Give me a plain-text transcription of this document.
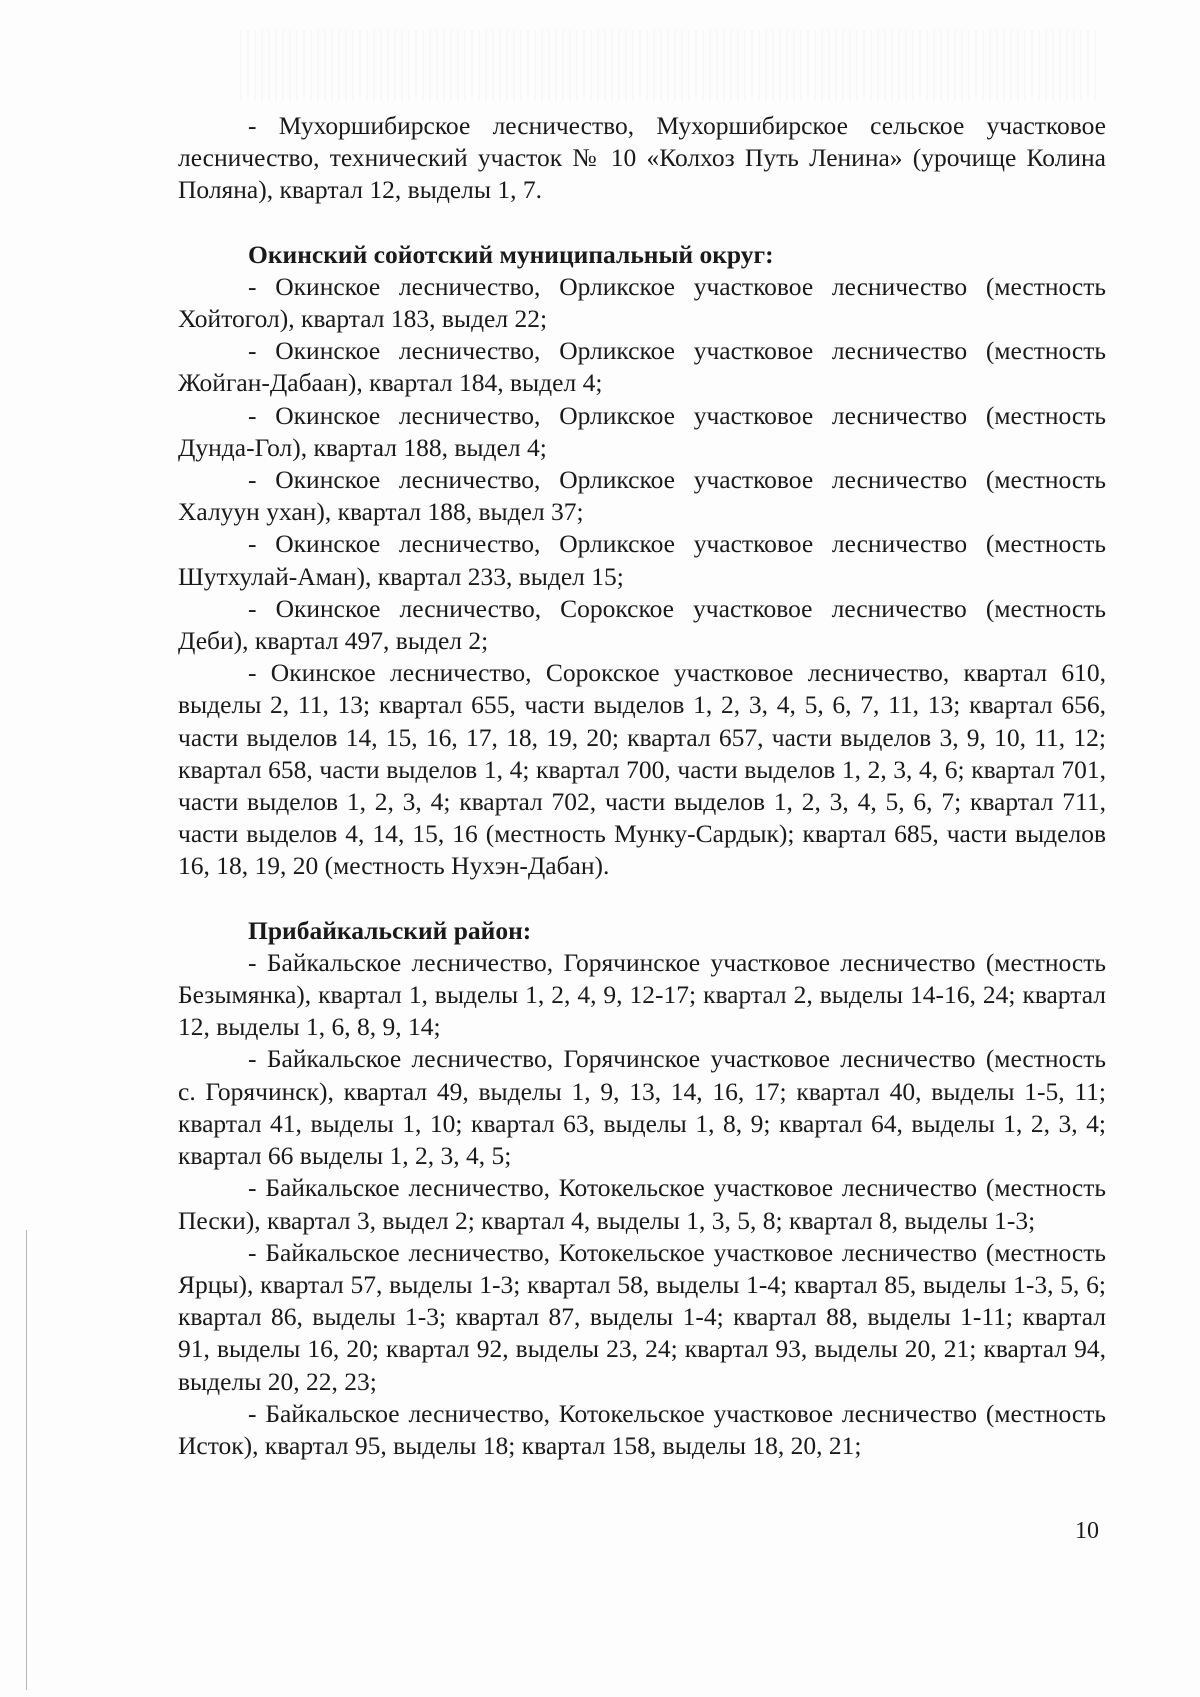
- Мухоршибирское лесничество, Мухоршибирское сельское участковое лесничество, технический участок № 10 «Колхоз Путь Ленина» (урочище Колина Поляна), квартал 12, выделы 1, 7.

Окинский сойотский муниципальный округ:

- Окинское лесничество, Орликское участковое лесничество (местность Хойтогол), квартал 183, выдел 22;

- Окинское лесничество, Орликское участковое лесничество (местность Жойган-Дабаан), квартал 184, выдел 4;

- Окинское лесничество, Орликское участковое лесничество (местность Дунда-Гол), квартал 188, выдел 4;

- Окинское лесничество, Орликское участковое лесничество (местность Халуун ухан), квартал 188, выдел 37;

- Окинское лесничество, Орликское участковое лесничество (местность Шутхулай-Аман), квартал 233, выдел 15;

- Окинское лесничество, Сорокское участковое лесничество (местность Деби), квартал 497, выдел 2;

- Окинское лесничество, Сорокское участковое лесничество, квартал 610, выделы 2, 11, 13; квартал 655, части выделов 1, 2, 3, 4, 5, 6, 7, 11, 13; квартал 656, части выделов 14, 15, 16, 17, 18, 19, 20; квартал 657, части выделов 3, 9, 10, 11, 12; квартал 658, части выделов 1, 4; квартал 700, части выделов 1, 2, 3, 4, 6; квартал 701, части выделов 1, 2, 3, 4; квартал 702, части выделов 1, 2, 3, 4, 5, 6, 7; квартал 711, части выделов 4, 14, 15, 16 (местность Мунку-Сардык); квартал 685, части выделов 16, 18, 19, 20 (местность Нухэн-Дабан).

Прибайкальский район:

- Байкальское лесничество, Горячинское участковое лесничество (местность Безымянка), квартал 1, выделы 1, 2, 4, 9, 12-17; квартал 2, выделы 14-16, 24; квартал 12, выделы 1, 6, 8, 9, 14;

- Байкальское лесничество, Горячинское участковое лесничество (местность с. Горячинск), квартал 49, выделы 1, 9, 13, 14, 16, 17; квартал 40, выделы 1-5, 11; квартал 41, выделы 1, 10; квартал 63, выделы 1, 8, 9; квартал 64, выделы 1, 2, 3, 4; квартал 66 выделы 1, 2, 3, 4, 5;

- Байкальское лесничество, Котокельское участковое лесничество (местность Пески), квартал 3, выдел 2; квартал 4, выделы 1, 3, 5, 8; квартал 8, выделы 1-3;

- Байкальское лесничество, Котокельское участковое лесничество (местность Ярцы), квартал 57, выделы 1-3; квартал 58, выделы 1-4; квартал 85, выделы 1-3, 5, 6; квартал 86, выделы 1-3; квартал 87, выделы 1-4; квартал 88, выделы 1-11; квартал 91, выделы 16, 20; квартал 92, выделы 23, 24; квартал 93, выделы 20, 21; квартал 94, выделы 20, 22, 23;

- Байкальское лесничество, Котокельское участковое лесничество (местность Исток), квартал 95, выделы 18; квартал 158, выделы 18, 20, 21;

10
